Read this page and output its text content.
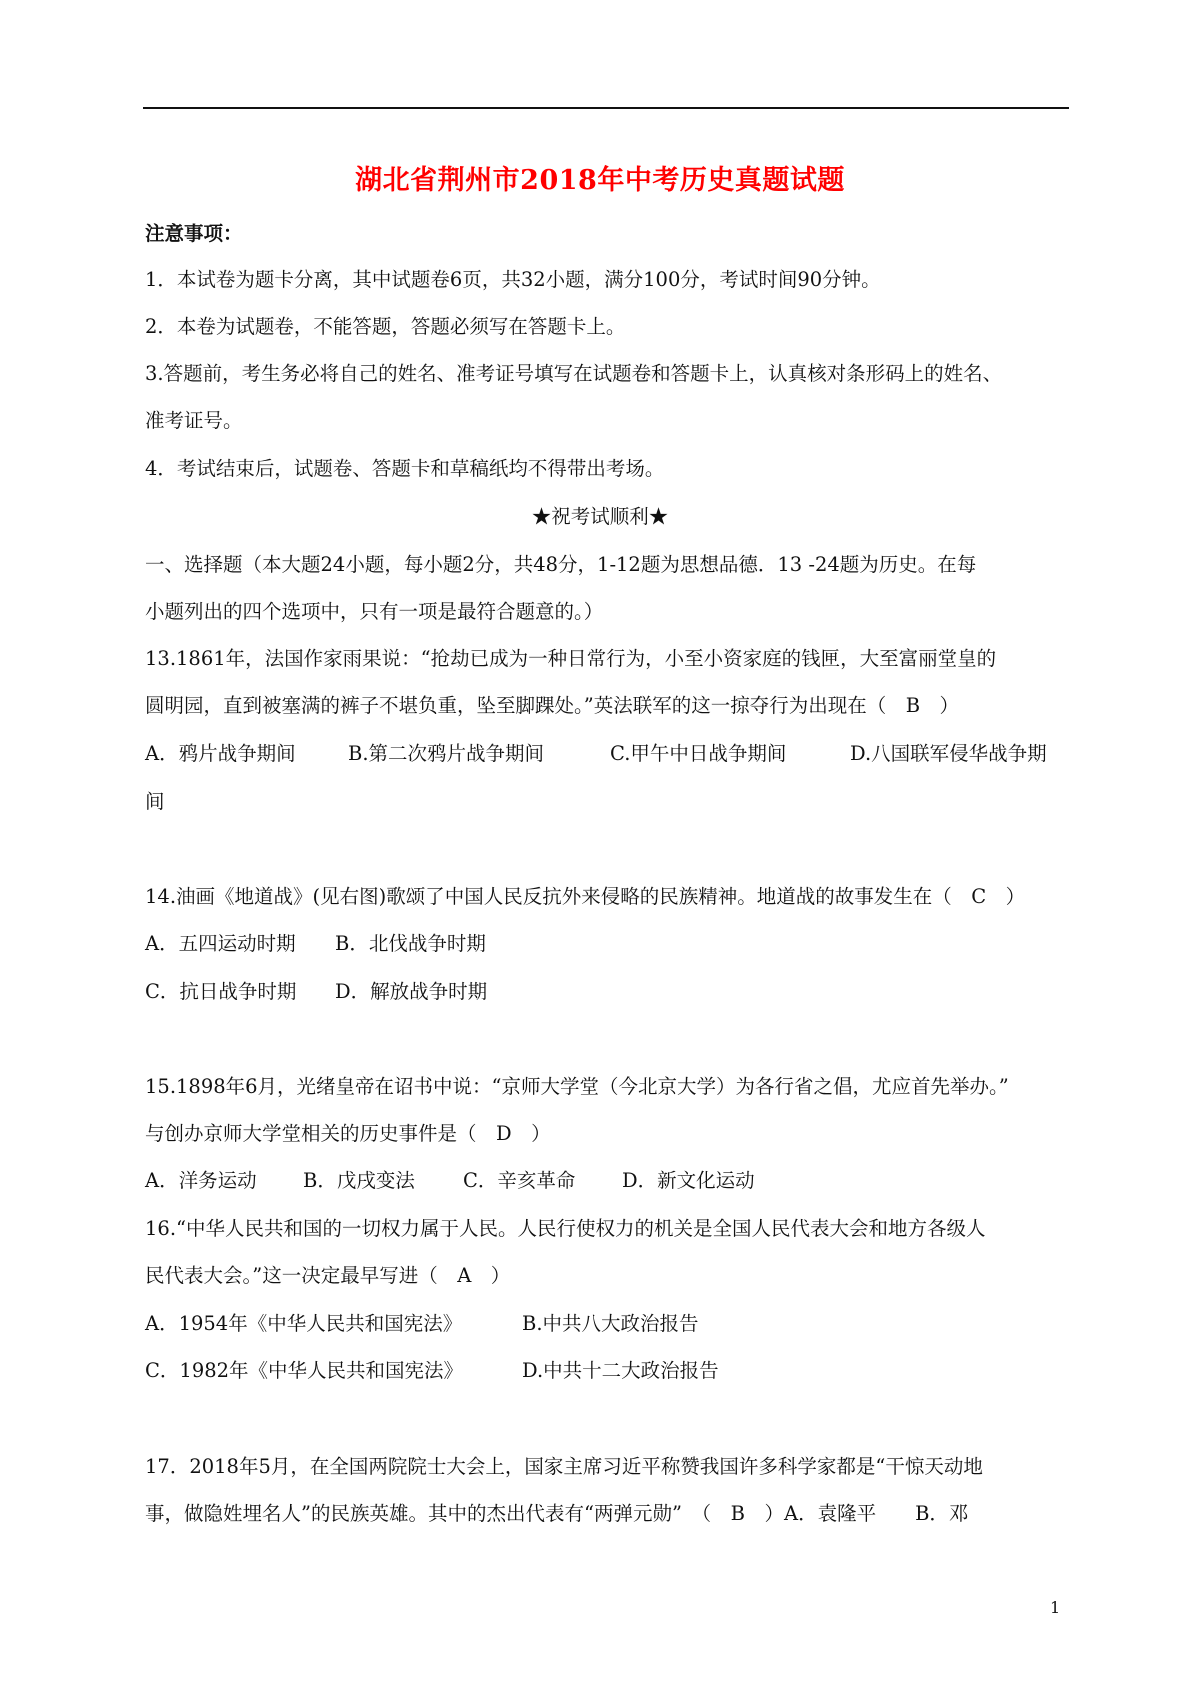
湖北省荆州市2018年中考历史真题试题
注意事项：
1．本试卷为题卡分离，其中试题卷6页，共32小题，满分100分，考试时间90分钟。
2．本卷为试题卷，不能答题，答题必须写在答题卡上。
3.答题前，考生务必将自己的姓名、准考证号填写在试题卷和答题卡上，认真核对条形码上的姓名、
准考证号。
4．考试结束后，试题卷、答题卡和草稿纸均不得带出考场。
★祝考试顺利★
一、选择题（本大题24小题，每小题2分，共48分，1-12题为思想品德．13 -24题为历史。在每
小题列出的四个选项中，只有一项是最符合题意的。）
13.1861年，法国作家雨果说：“抢劫已成为一种日常行为，小至小资家庭的钱匣，大至富丽堂皇的
圆明园，直到被塞满的裤子不堪负重，坠至脚踝处。”英法联军的这一掠夺行为出现在（　B　）
A．鸦片战争期间	B.第二次鸦片战争期间	C.甲午中日战争期间	D.八国联军侵华战争期
间
14.油画《地道战》(见右图)歌颂了中国人民反抗外来侵略的民族精神。地道战的故事发生在（　C　）
A．五四运动时期 B．北伐战争时期
C．抗日战争时期 D．解放战争时期
15.1898年6月，光绪皇帝在诏书中说：“京师大学堂（今北京大学）为各行省之倡，尤应首先举办。”
与创办京师大学堂相关的历史事件是（　D　）
A．洋务运动 B．戊戌变法 C．辛亥革命 D．新文化运动
16.“中华人民共和国的一切权力属于人民。人民行使权力的机关是全国人民代表大会和地方各级人
民代表大会。”这一决定最早写进（　A　）
A．1954年《中华人民共和国宪法》	B.中共八大政治报告
C．1982年《中华人民共和国宪法》	D.中共十二大政治报告
17．2018年5月，在全国两院院士大会上，国家主席习近平称赞我国许多科学家都是“干惊天动地
事，做隐姓埋名人”的民族英雄。其中的杰出代表有“两弹元勋”　（　B　）A．袁隆平　　B．邓
1
